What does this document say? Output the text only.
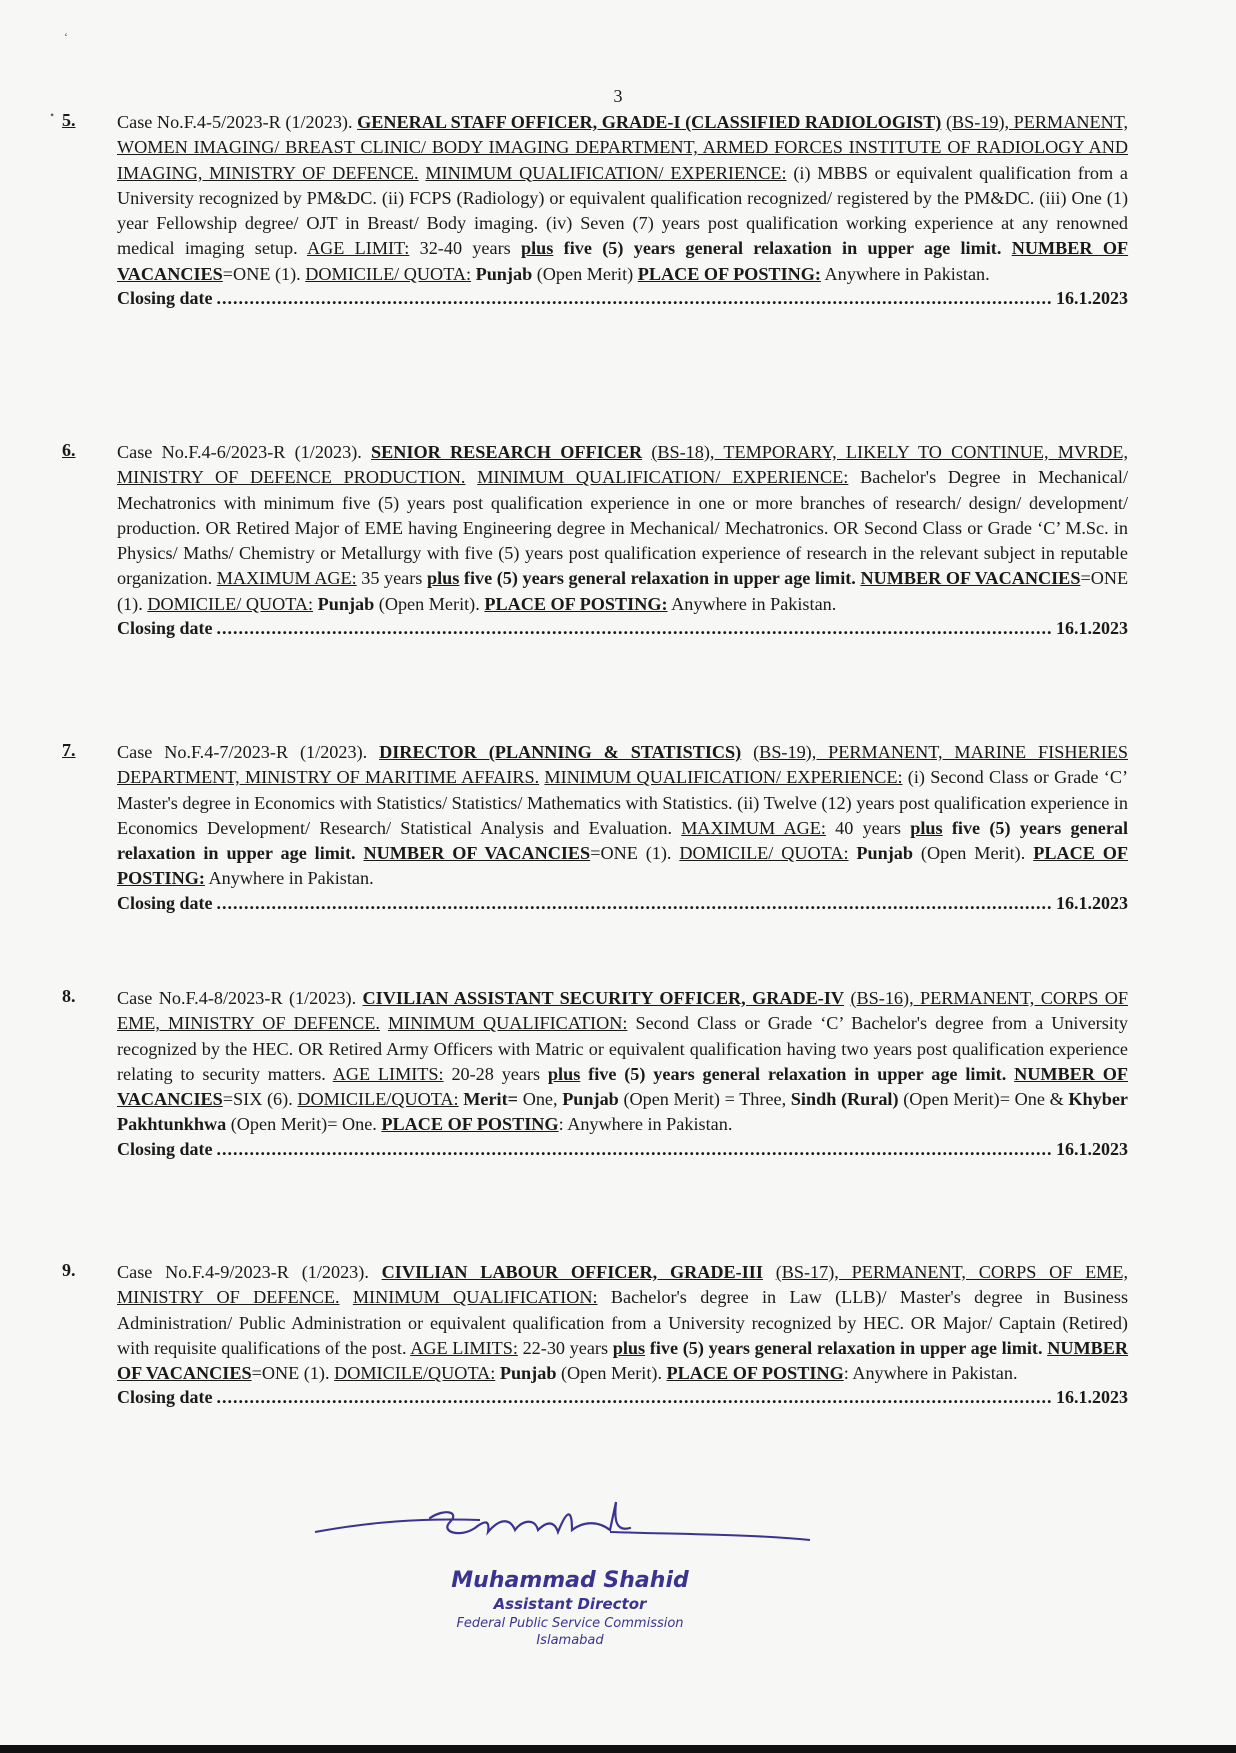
3
5. Case No.F.4-5/2023-R (1/2023). GENERAL STAFF OFFICER, GRADE-I (CLASSIFIED RADIOLOGIST) (BS-19), PERMANENT, WOMEN IMAGING/ BREAST CLINIC/ BODY IMAGING DEPARTMENT, ARMED FORCES INSTITUTE OF RADIOLOGY AND IMAGING, MINISTRY OF DEFENCE. MINIMUM QUALIFICATION/ EXPERIENCE: (i) MBBS or equivalent qualification from a University recognized by PM&DC. (ii) FCPS (Radiology) or equivalent qualification recognized/ registered by the PM&DC. (iii) One (1) year Fellowship degree/ OJT in Breast/ Body imaging. (iv) Seven (7) years post qualification working experience at any renowned medical imaging setup. AGE LIMIT: 32-40 years plus five (5) years general relaxation in upper age limit. NUMBER OF VACANCIES=ONE (1). DOMICILE/ QUOTA: Punjab (Open Merit) PLACE OF POSTING: Anywhere in Pakistan.
Closing date .....	16.1.2023
6. Case No.F.4-6/2023-R (1/2023). SENIOR RESEARCH OFFICER (BS-18), TEMPORARY, LIKELY TO CONTINUE, MVRDE, MINISTRY OF DEFENCE PRODUCTION. MINIMUM QUALIFICATION/ EXPERIENCE: Bachelor's Degree in Mechanical/ Mechatronics with minimum five (5) years post qualification experience in one or more branches of research/ design/ development/ production. OR Retired Major of EME having Engineering degree in Mechanical/ Mechatronics. OR Second Class or Grade ‘C’ M.Sc. in Physics/ Maths/ Chemistry or Metallurgy with five (5) years post qualification experience of research in the relevant subject in reputable organization. MAXIMUM AGE: 35 years plus five (5) years general relaxation in upper age limit. NUMBER OF VACANCIES=ONE (1). DOMICILE/ QUOTA: Punjab (Open Merit). PLACE OF POSTING: Anywhere in Pakistan.
Closing date .....	16.1.2023
7. Case No.F.4-7/2023-R (1/2023). DIRECTOR (PLANNING & STATISTICS) (BS-19), PERMANENT, MARINE FISHERIES DEPARTMENT, MINISTRY OF MARITIME AFFAIRS. MINIMUM QUALIFICATION/ EXPERIENCE: (i) Second Class or Grade ‘C’ Master's degree in Economics with Statistics/ Statistics/ Mathematics with Statistics. (ii) Twelve (12) years post qualification experience in Economics Development/ Research/ Statistical Analysis and Evaluation. MAXIMUM AGE: 40 years plus five (5) years general relaxation in upper age limit. NUMBER OF VACANCIES=ONE (1). DOMICILE/ QUOTA: Punjab (Open Merit). PLACE OF POSTING: Anywhere in Pakistan.
Closing date .....	16.1.2023
8. Case No.F.4-8/2023-R (1/2023). CIVILIAN ASSISTANT SECURITY OFFICER, GRADE-IV (BS-16), PERMANENT, CORPS OF EME, MINISTRY OF DEFENCE. MINIMUM QUALIFICATION: Second Class or Grade ‘C’ Bachelor's degree from a University recognized by the HEC. OR Retired Army Officers with Matric or equivalent qualification having two years post qualification experience relating to security matters. AGE LIMITS: 20-28 years plus five (5) years general relaxation in upper age limit. NUMBER OF VACANCIES=SIX (6). DOMICILE/QUOTA: Merit= One, Punjab (Open Merit) = Three, Sindh (Rural) (Open Merit)= One & Khyber Pakhtunkhwa (Open Merit)= One. PLACE OF POSTING: Anywhere in Pakistan.
Closing date .....	16.1.2023
9. Case No.F.4-9/2023-R (1/2023). CIVILIAN LABOUR OFFICER, GRADE-III (BS-17), PERMANENT, CORPS OF EME, MINISTRY OF DEFENCE. MINIMUM QUALIFICATION: Bachelor's degree in Law (LLB)/ Master's degree in Business Administration/ Public Administration or equivalent qualification from a University recognized by HEC. OR Major/ Captain (Retired) with requisite qualifications of the post. AGE LIMITS: 22-30 years plus five (5) years general relaxation in upper age limit. NUMBER OF VACANCIES=ONE (1). DOMICILE/QUOTA: Punjab (Open Merit). PLACE OF POSTING: Anywhere in Pakistan.
Closing date .....	16.1.2023
Muhammad Shahid
Assistant Director
Federal Public Service Commission
Islamabad
‘
•
